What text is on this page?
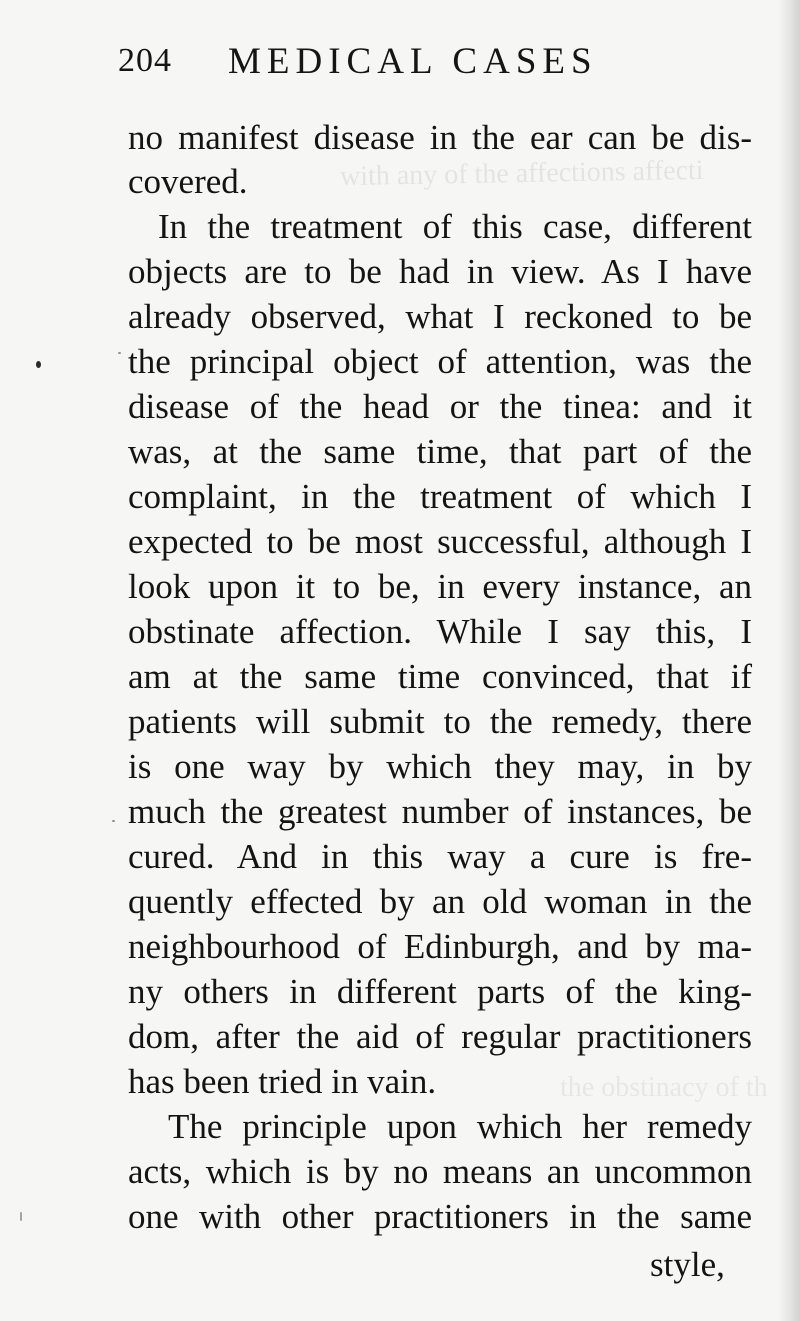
with any of the affections affecti
the obstinacy of th
204 MEDICAL CASES
no manifest disease in the ear can be dis-
covered.
In the treatment of this case, different
objects are to be had in view. As I have
already observed, what I reckoned to be
the principal object of attention, was the
disease of the head or the tinea: and it
was, at the same time, that part of the
complaint, in the treatment of which I
expected to be most successful, although I
look upon it to be, in every instance, an
obstinate affection. While I say this, I
am at the same time convinced, that if
patients will submit to the remedy, there
is one way by which they may, in by
much the greatest number of instances, be
cured. And in this way a cure is fre-
quently effected by an old woman in the
neighbourhood of Edinburgh, and by ma-
ny others in different parts of the king-
dom, after the aid of regular practitioners
has been tried in vain.
The principle upon which her remedy
acts, which is by no means an uncommon
one with other practitioners in the same
style,
